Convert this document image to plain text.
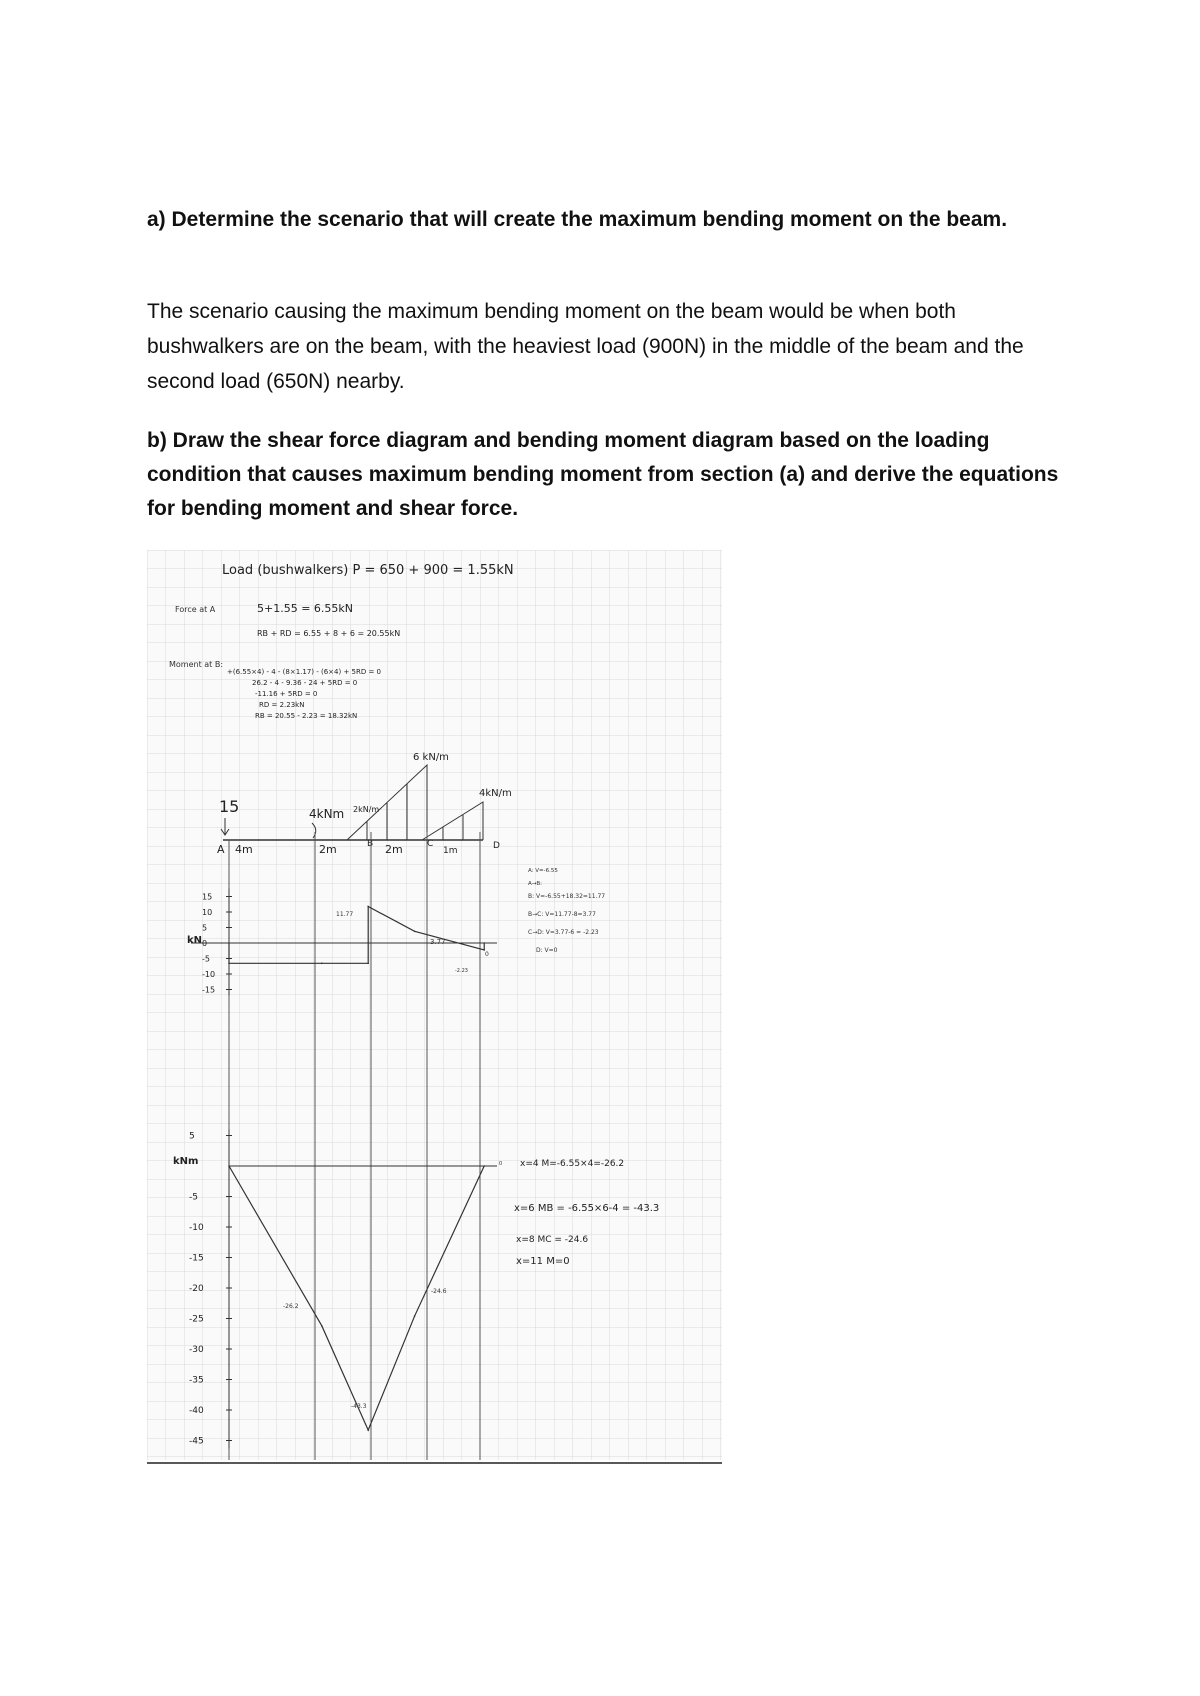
a) Determine the scenario that will create the maximum bending moment on the beam.

The scenario causing the maximum bending moment on the beam would be when both bushwalkers are on the beam, with the heaviest load (900N) in the middle of the beam and the second load (650N) nearby.

b) Draw the shear force diagram and bending moment diagram based on the loading condition that causes maximum bending moment from section (a) and derive the equations for bending moment and shear force.

Load (bushwalkers) P = 650 + 900 = 1.55kN
Force at A	5+1.55 = 6.55kN
RB + RD = 6.55 + 8 + 6 = 20.55kN
Moment at B:
+(6.55×4) - 4 - (8×1.17) - (6×4) + 5RD = 0
26.2 - 4 - 9.36 - 24 + 5RD = 0
-11.16 + 5RD = 0
RD = 2.23kN
RB = 20.55 - 2.23 = 18.32kN
15	4kNm
6 kN/m
2kN/m
4kN/m
A 4m	2m	B 2m	C
1m	D
kN
15
10
5
0
-5
-10
-15
11.77
3.77
-2.23
0
A: V=-6.55
A→B:
B: V=-6.55+18.32=11.77
B→C: V=11.77-8=3.77
C→D: V=3.77-6 = -2.23
D: V=0
kNm
5
-5
-10
-15
-20
-25
-30
-35
-40
-45
-26.2
-43.3
-24.6
0 x=4 M=-6.55×4=-26.2
x=6 MB = -6.55×6-4 = -43.3
x=8 MC = -24.6
x=11 M=0
